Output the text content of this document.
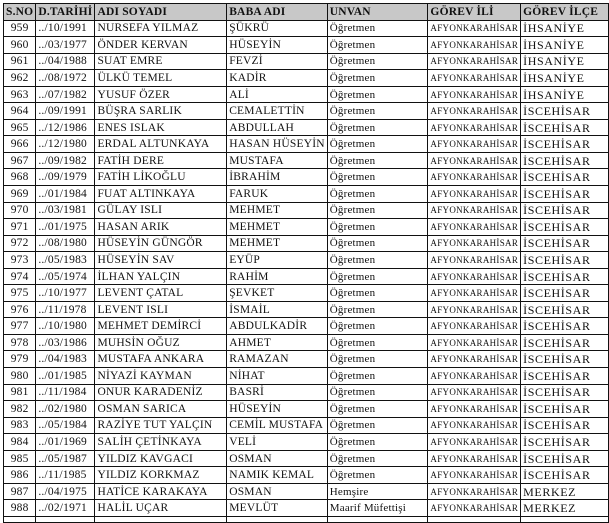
S.NO	D.TARİHİ	ADI SOYADI	BABA ADI	UNVAN	GÖREV İLİ	GÖREV İLÇE
959	../10/1991	NURSEFA YILMAZ	ŞÜKRÜ	Öğretmen	AFYONKARAHİSAR	İHSANİYE
960	../03/1977	ÖNDER KERVAN	HÜSEYİN	Öğretmen	AFYONKARAHİSAR	İHSANİYE
961	../04/1988	SUAT EMRE	FEVZİ	Öğretmen	AFYONKARAHİSAR	İHSANİYE
962	../08/1972	ÜLKÜ TEMEL	KADİR	Öğretmen	AFYONKARAHİSAR	İHSANİYE
963	../07/1982	YUSUF ÖZER	ALİ	Öğretmen	AFYONKARAHİSAR	İHSANİYE
964	../09/1991	BÜŞRA SARLIK	CEMALETTİN	Öğretmen	AFYONKARAHİSAR	İSCEHİSAR
965	../12/1986	ENES ISLAK	ABDULLAH	Öğretmen	AFYONKARAHİSAR	İSCEHİSAR
966	../12/1980	ERDAL ALTUNKAYA	HASAN HÜSEYİN	Öğretmen	AFYONKARAHİSAR	İSCEHİSAR
967	../09/1982	FATİH DERE	MUSTAFA	Öğretmen	AFYONKARAHİSAR	İSCEHİSAR
968	../09/1979	FATİH LİKOĞLU	İBRAHİM	Öğretmen	AFYONKARAHİSAR	İSCEHİSAR
969	../01/1984	FUAT ALTINKAYA	FARUK	Öğretmen	AFYONKARAHİSAR	İSCEHİSAR
970	../03/1981	GÜLAY ISLI	MEHMET	Öğretmen	AFYONKARAHİSAR	İSCEHİSAR
971	../01/1975	HASAN ARIK	MEHMET	Öğretmen	AFYONKARAHİSAR	İSCEHİSAR
972	../08/1980	HÜSEYİN GÜNGÖR	MEHMET	Öğretmen	AFYONKARAHİSAR	İSCEHİSAR
973	../05/1983	HÜSEYİN SAV	EYÜP	Öğretmen	AFYONKARAHİSAR	İSCEHİSAR
974	../05/1974	İLHAN YALÇIN	RAHİM	Öğretmen	AFYONKARAHİSAR	İSCEHİSAR
975	../10/1977	LEVENT ÇATAL	ŞEVKET	Öğretmen	AFYONKARAHİSAR	İSCEHİSAR
976	../11/1978	LEVENT ISLI	İSMAİL	Öğretmen	AFYONKARAHİSAR	İSCEHİSAR
977	../10/1980	MEHMET DEMİRCİ	ABDULKADİR	Öğretmen	AFYONKARAHİSAR	İSCEHİSAR
978	../03/1986	MUHSİN OĞUZ	AHMET	Öğretmen	AFYONKARAHİSAR	İSCEHİSAR
979	../04/1983	MUSTAFA ANKARA	RAMAZAN	Öğretmen	AFYONKARAHİSAR	İSCEHİSAR
980	../01/1985	NİYAZİ KAYMAN	NİHAT	Öğretmen	AFYONKARAHİSAR	İSCEHİSAR
981	../11/1984	ONUR KARADENİZ	BASRİ	Öğretmen	AFYONKARAHİSAR	İSCEHİSAR
982	../02/1980	OSMAN SARICA	HÜSEYİN	Öğretmen	AFYONKARAHİSAR	İSCEHİSAR
983	../05/1984	RAZİYE TUT YALÇIN	CEMİL MUSTAFA	Öğretmen	AFYONKARAHİSAR	İSCEHİSAR
984	../01/1969	SALİH ÇETİNKAYA	VELİ	Öğretmen	AFYONKARAHİSAR	İSCEHİSAR
985	../05/1987	YILDIZ KAVGACI	OSMAN	Öğretmen	AFYONKARAHİSAR	İSCEHİSAR
986	../11/1985	YILDIZ KORKMAZ	NAMIK KEMAL	Öğretmen	AFYONKARAHİSAR	İSCEHİSAR
987	../04/1975	HATİCE KARAKAYA	OSMAN	Hemşire	AFYONKARAHİSAR	MERKEZ
988	../02/1971	HALİL UÇAR	MEVLÜT	Maarif Müfettişi	AFYONKARAHİSAR	MERKEZ
